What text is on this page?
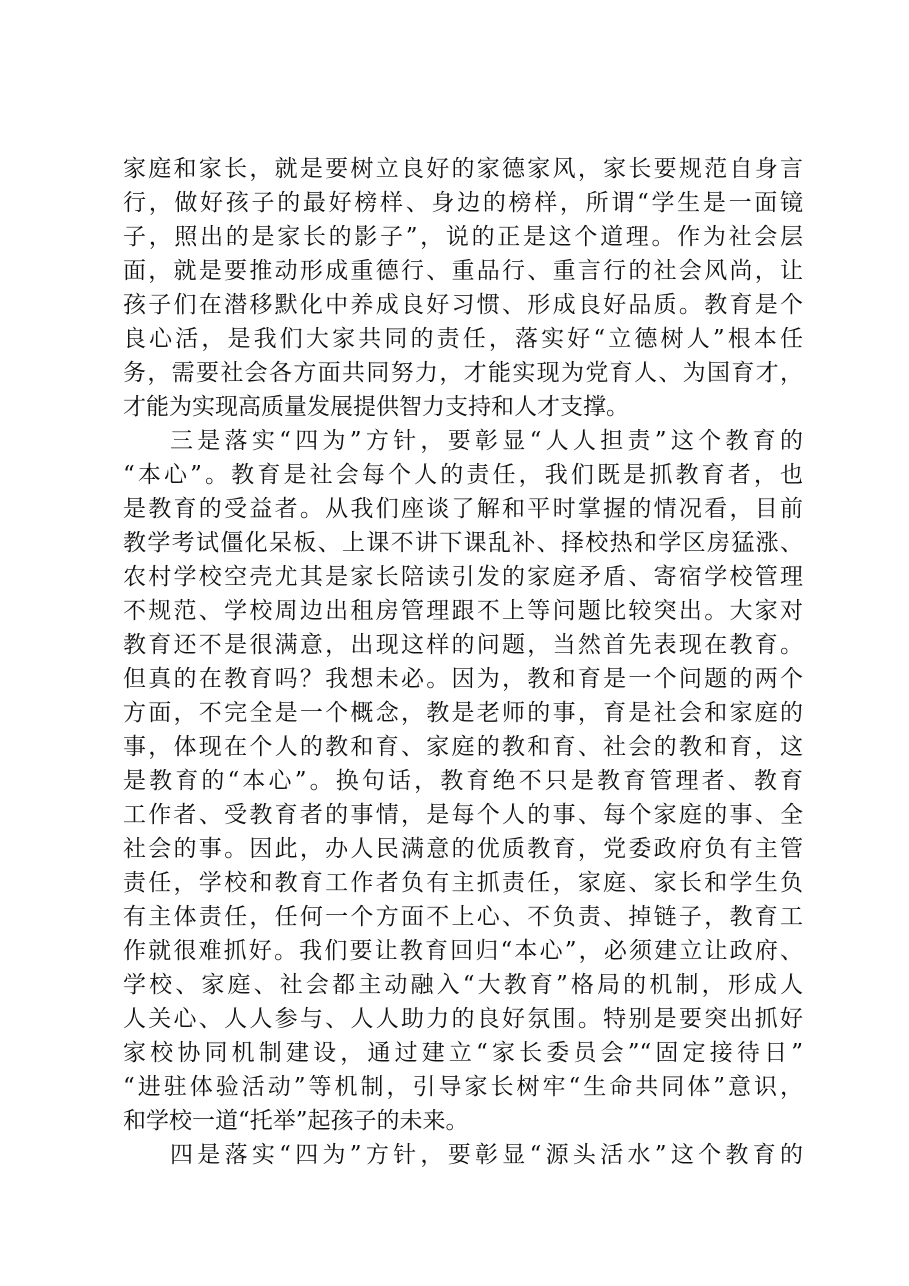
家庭和家长，就是要树立良好的家德家风，家长要规范自身言
行，做好孩子的最好榜样、身边的榜样，所谓“学生是一面镜
子，照出的是家长的影子”，说的正是这个道理。作为社会层
面，就是要推动形成重德行、重品行、重言行的社会风尚，让
孩子们在潜移默化中养成良好习惯、形成良好品质。教育是个
良心活，是我们大家共同的责任，落实好“立德树人”根本任
务，需要社会各方面共同努力，才能实现为党育人、为国育才，
才能为实现高质量发展提供智力支持和人才支撑。
三是落实“四为”方针，要彰显“人人担责”这个教育的
“本心”。教育是社会每个人的责任，我们既是抓教育者，也
是教育的受益者。从我们座谈了解和平时掌握的情况看，目前
教学考试僵化呆板、上课不讲下课乱补、择校热和学区房猛涨、
农村学校空壳尤其是家长陪读引发的家庭矛盾、寄宿学校管理
不规范、学校周边出租房管理跟不上等问题比较突出。大家对
教育还不是很满意，出现这样的问题，当然首先表现在教育。
但真的在教育吗？我想未必。因为，教和育是一个问题的两个
方面，不完全是一个概念，教是老师的事，育是社会和家庭的
事，体现在个人的教和育、家庭的教和育、社会的教和育，这
是教育的“本心”。换句话，教育绝不只是教育管理者、教育
工作者、受教育者的事情，是每个人的事、每个家庭的事、全
社会的事。因此，办人民满意的优质教育，党委政府负有主管
责任，学校和教育工作者负有主抓责任，家庭、家长和学生负
有主体责任，任何一个方面不上心、不负责、掉链子，教育工
作就很难抓好。我们要让教育回归“本心”，必须建立让政府、
学校、家庭、社会都主动融入“大教育”格局的机制，形成人
人关心、人人参与、人人助力的良好氛围。特别是要突出抓好
家校协同机制建设，通过建立“家长委员会”“固定接待日”
“进驻体验活动”等机制，引导家长树牢“生命共同体”意识，
和学校一道“托举”起孩子的未来。
四是落实“四为”方针，要彰显“源头活水”这个教育的
